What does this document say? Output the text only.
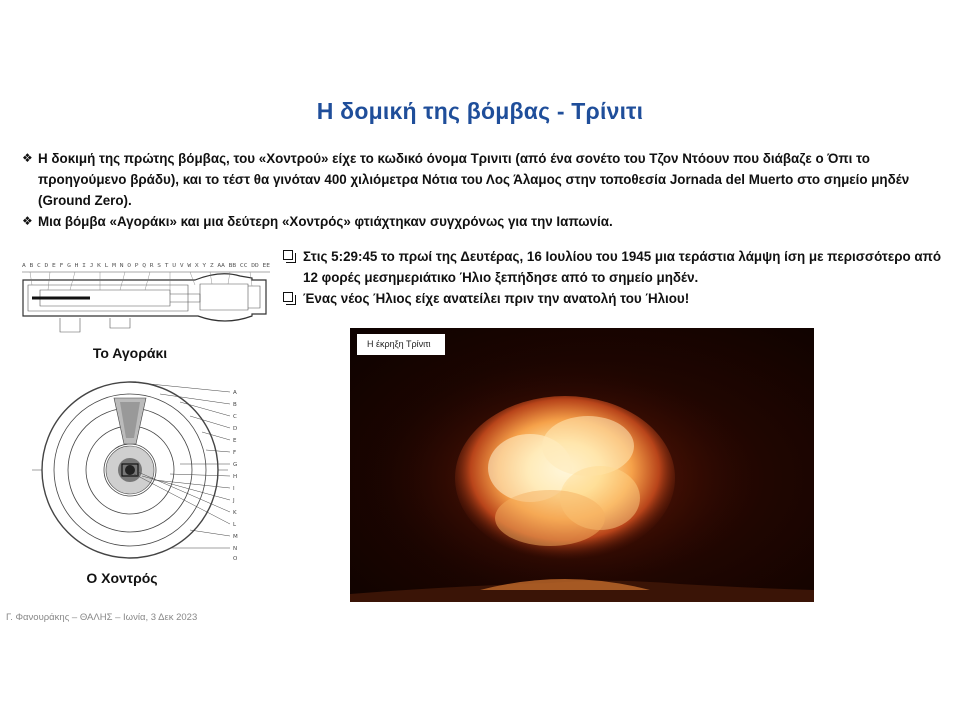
Η δομική της βόμβας - Τρίνιτι
❖ Η δοκιμή της πρώτης βόμβας, του «Χοντρού» είχε το κωδικό όνομα Τρινιτι (από ένα σονέτο του Τζον Ντόουν που διάβαζε ο Όπι το προηγούμενο βράδυ), και το τέστ θα γινόταν 400 χιλιόμετρα Νότια του Λος Άλαμος στην τοποθεσία Jornada del Muerto στο σημείο μηδέν (Ground Zero).
❖ Μια βόμβα «Αγοράκι» και μια δεύτερη «Χοντρός» φτιάχτηκαν συγχρόνως για την Ιαπωνία.
Στις 5:29:45 το πρωί της Δευτέρας, 16 Ιουλίου του 1945 μια τεράστια λάμψη ίση με περισσότερο από 12 φορές μεσημεριάτικο Ήλιο ξεπήδησε από το σημείο μηδέν.
Ένας νέος Ήλιος είχε ανατείλει πριν την ανατολή του Ήλιου!
A B C D E F G H I J K L M N O P Q R S T U V W X Y Z AA BB CC DD EE
Το Αγοράκι
A
B
C
D
E
F
G
H
I
J
K
L
M
N
O
Ο Χοντρός
Η έκρηξη Τρίνιτι
Γ. Φανουράκης – ΘΑΛΗΣ – Ιωνία, 3 Δεκ 2023
